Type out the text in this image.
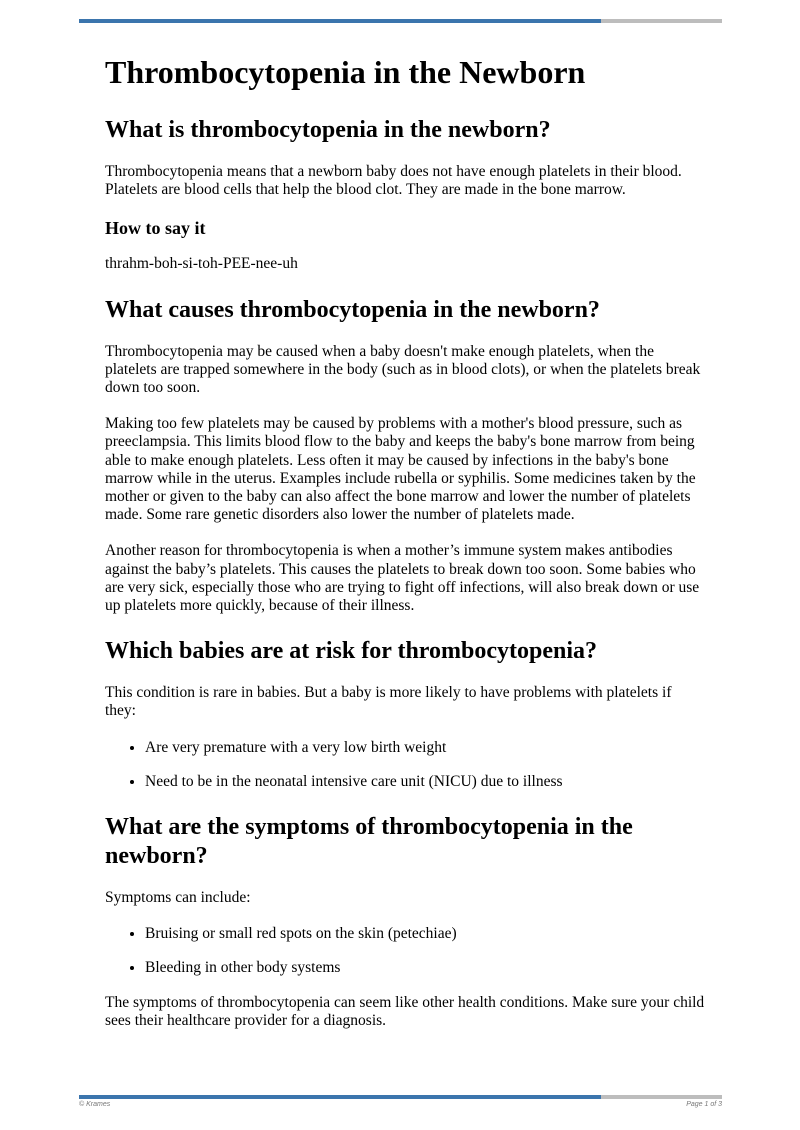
Thrombocytopenia in the Newborn
What is thrombocytopenia in the newborn?

Thrombocytopenia means that a newborn baby does not have enough platelets in their blood. Platelets are blood cells that help the blood clot. They are made in the bone marrow.

How to say it

thrahm-boh-si-toh-PEE-nee-uh

What causes thrombocytopenia in the newborn?

Thrombocytopenia may be caused when a baby doesn't make enough platelets, when the platelets are trapped somewhere in the body (such as in blood clots), or when the platelets break down too soon.

Making too few platelets may be caused by problems with a mother's blood pressure, such as preeclampsia. This limits blood flow to the baby and keeps the baby's bone marrow from being able to make enough platelets. Less often it may be caused by infections in the baby's bone marrow while in the uterus. Examples include rubella or syphilis. Some medicines taken by the mother or given to the baby can also affect the bone marrow and lower the number of platelets made. Some rare genetic disorders also lower the number of platelets made.

Another reason for thrombocytopenia is when a mother’s immune system makes antibodies against the baby’s platelets. This causes the platelets to break down too soon. Some babies who are very sick, especially those who are trying to fight off infections, will also break down or use up platelets more quickly, because of their illness.

Which babies are at risk for thrombocytopenia?

This condition is rare in babies. But a baby is more likely to have problems with platelets if they:

• Are very premature with a very low birth weight
• Need to be in the neonatal intensive care unit (NICU) due to illness
What are the symptoms of thrombocytopenia in the newborn?

Symptoms can include:

• Bruising or small red spots on the skin (petechiae)
• Bleeding in other body systems

The symptoms of thrombocytopenia can seem like other health conditions. Make sure your child sees their healthcare provider for a diagnosis.

© Krames	Page 1 of 3
